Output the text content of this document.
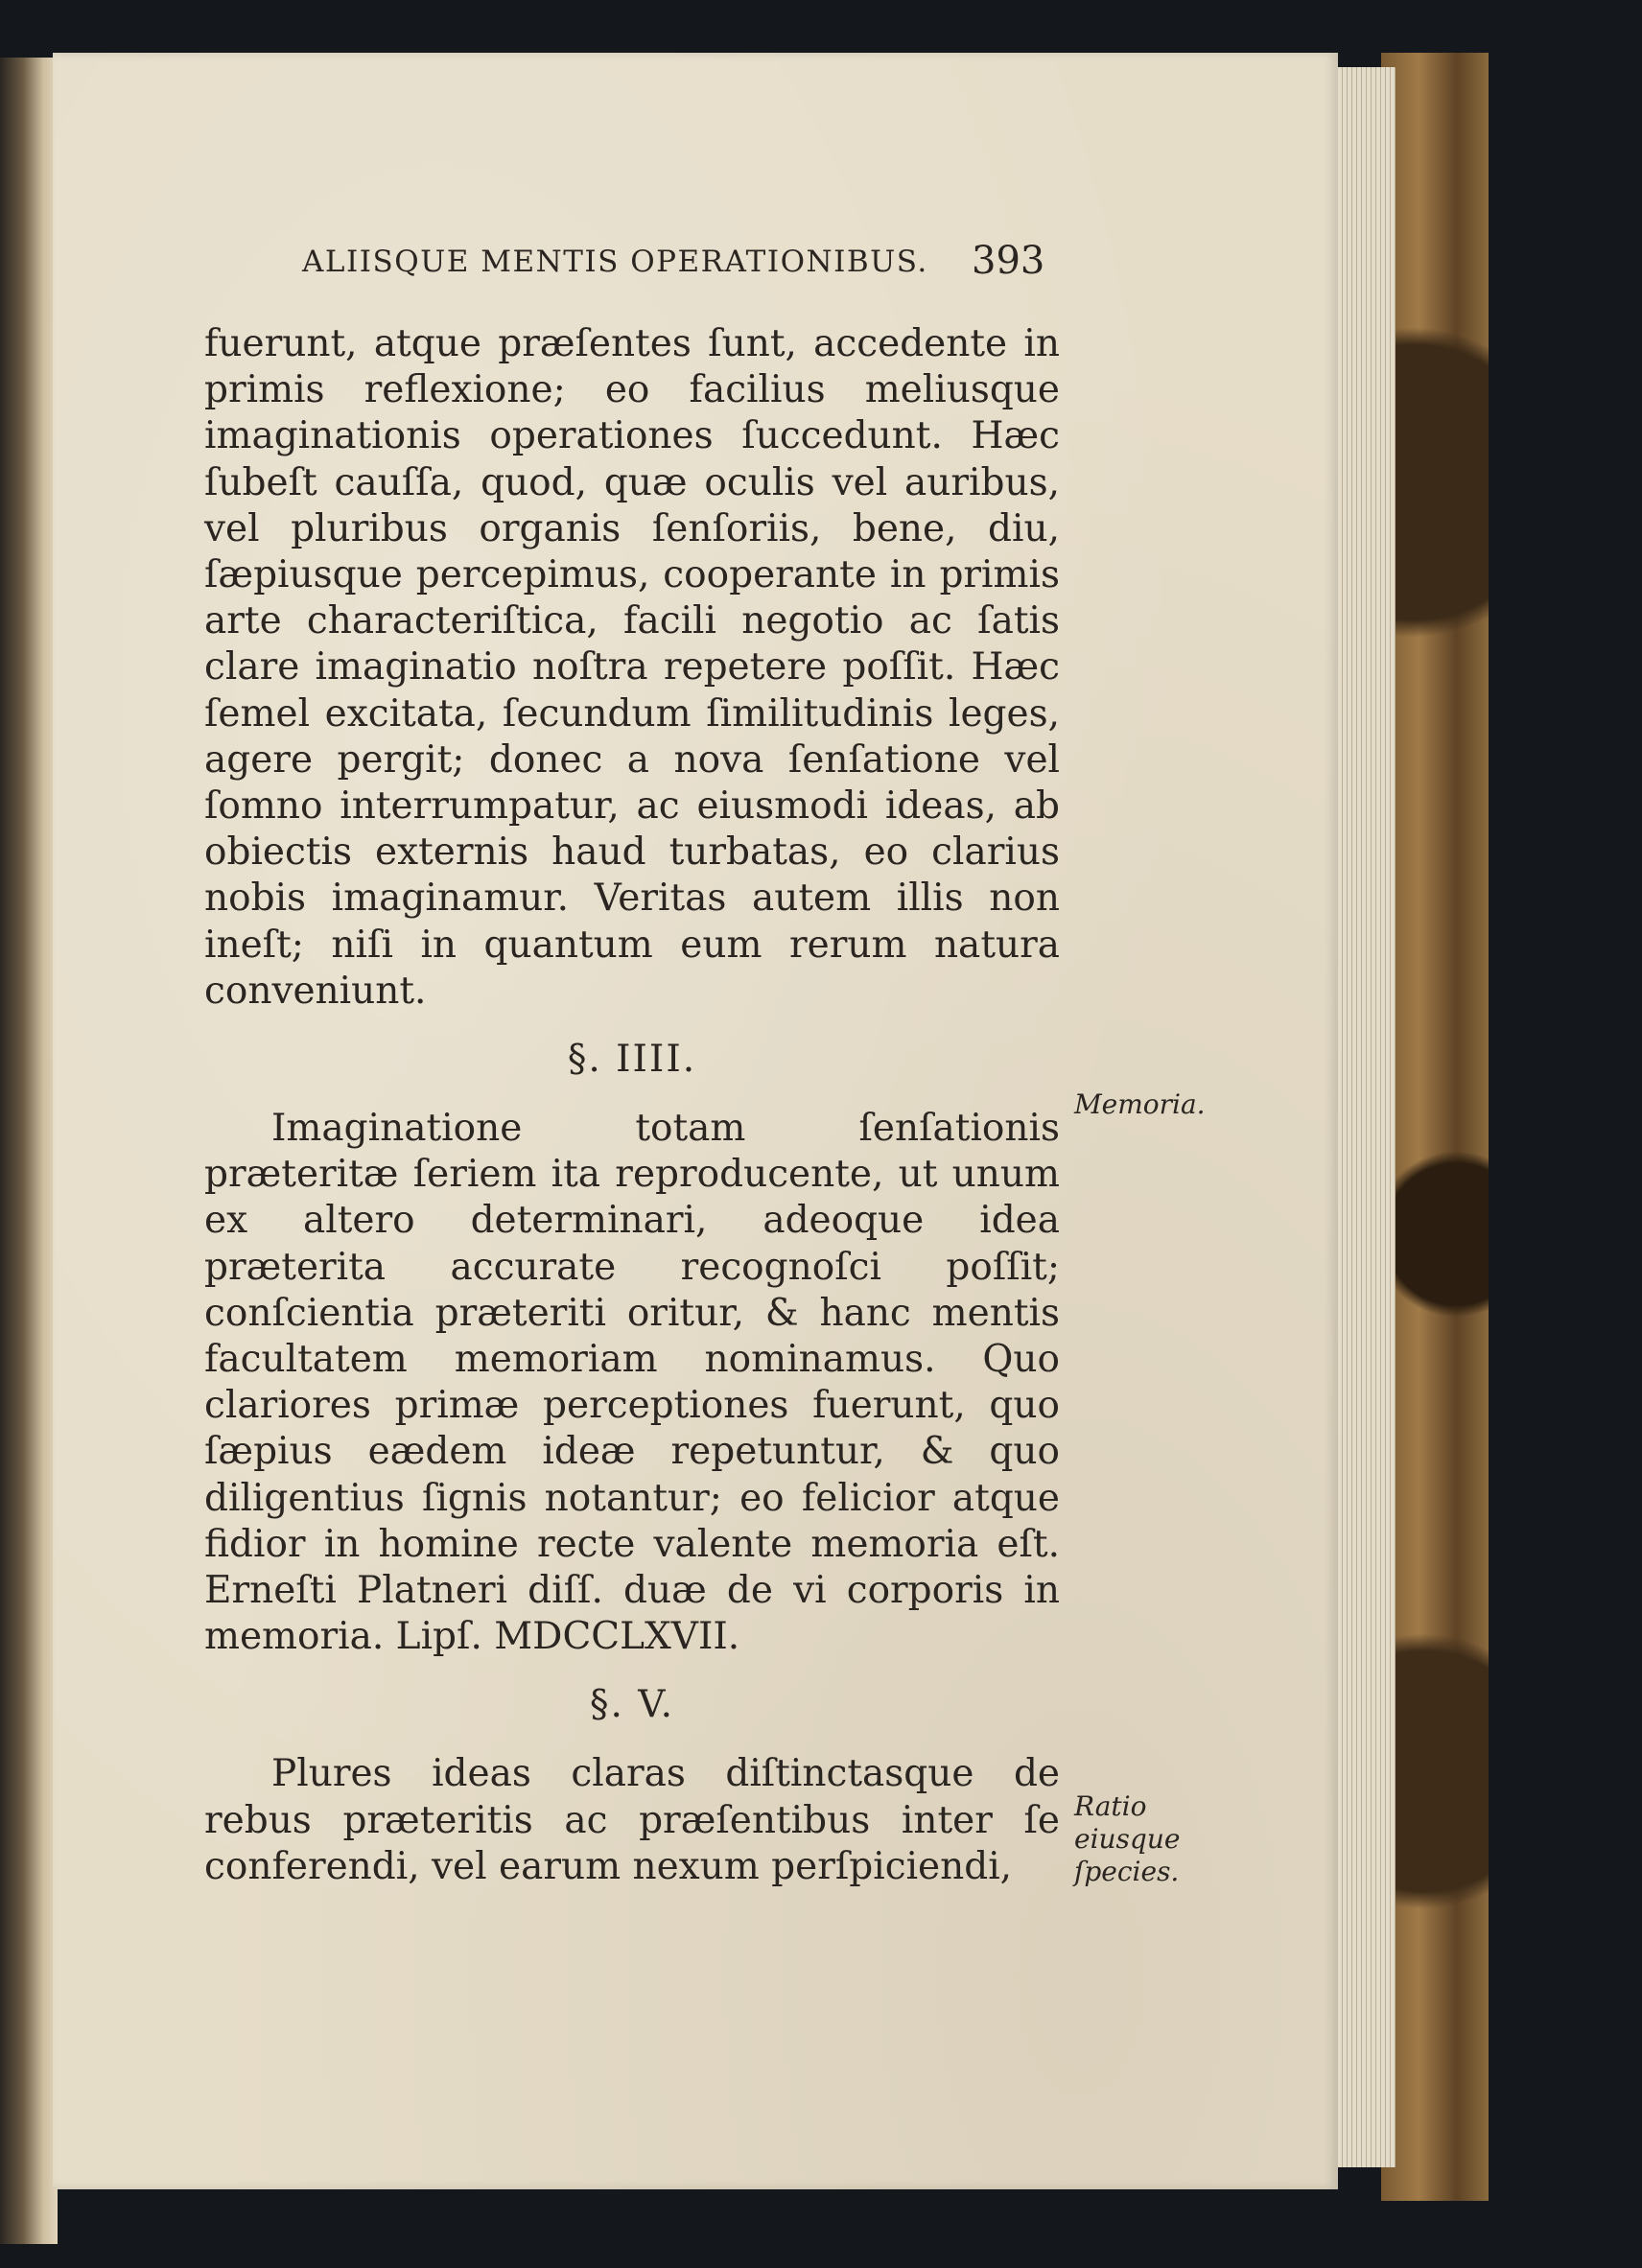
ALIISQUE MENTIS OPERATIONIBUS. 393

fuerunt, atque præſentes ſunt, accedente in primis reflexione; eo facilius meliusque imaginationis operationes ſuccedunt. Hæc ſubeſt cauſſa, quod, quæ oculis vel auribus, vel pluribus organis ſenſoriis, bene, diu, ſæpiusque percepimus, cooperante in primis arte characteriſtica, facili negotio ac ſatis clare imaginatio noſtra repetere poſſit. Hæc ſemel excitata, ſecundum ſimilitudinis leges, agere pergit; donec a nova ſenſatione vel ſomno interrumpatur, ac eiusmodi ideas, ab obiectis externis haud turbatas, eo clarius nobis imaginamur. Veritas autem illis non ineſt; niſi in quantum eum rerum natura conveniunt.

§. IIII.

Imaginatione totam ſenſationis præteritæ ſeriem ita reproducente, ut unum ex altero determinari, adeoque idea præterita accurate recognoſci poſſit; conſcientia præteriti oritur, & hanc mentis facultatem memoriam nominamus. Quo clariores primæ perceptiones fuerunt, quo ſæpius eædem ideæ repetuntur, & quo diligentius ſignis notantur; eo felicior atque fidior in homine recte valente memoria eſt. Erneſti Platneri diſſ. duæ de vi corporis in memoria. Lipſ. MDCCLXVII.

§. V.

Plures ideas claras diſtinctasque de rebus præteritis ac præſentibus inter ſe conferendi, vel earum nexum perſpiciendi,

Memoria.
Ratio eiusque ſpecies.
